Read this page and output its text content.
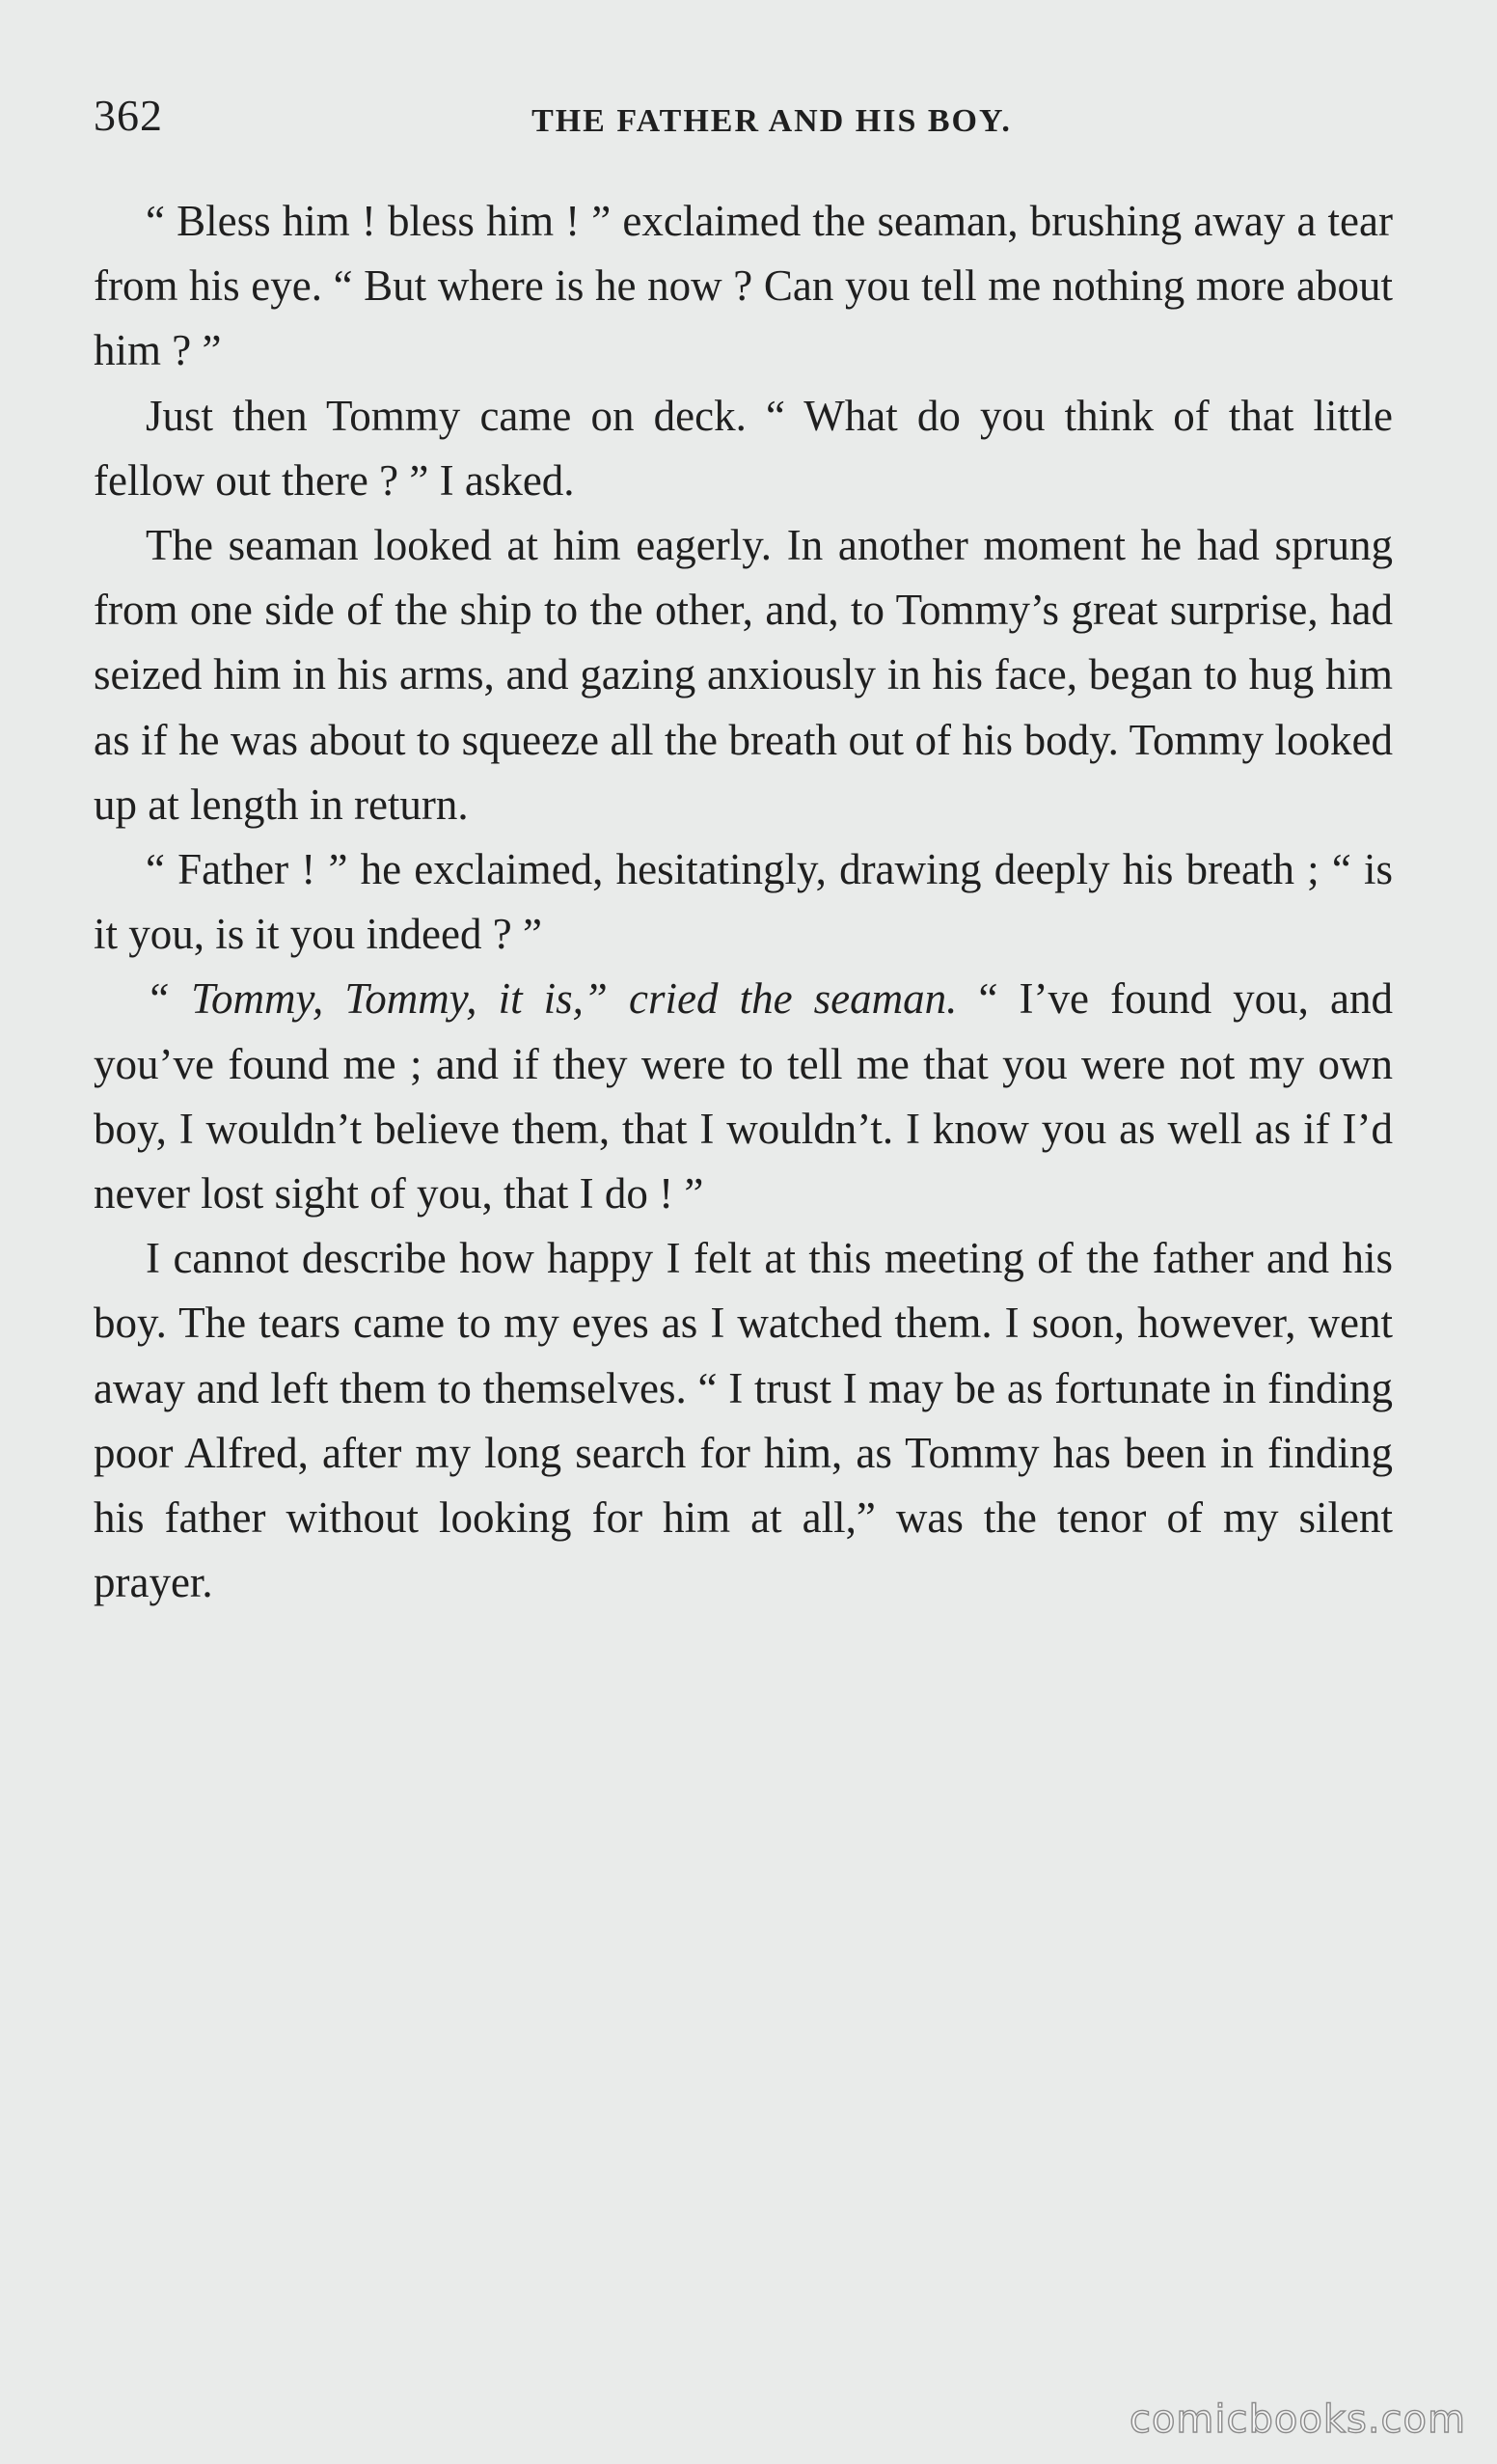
362	THE FATHER AND HIS BOY.

“ Bless him ! bless him ! ” exclaimed the seaman, brushing away a tear from his eye. “ But where is he now ? Can you tell me nothing more about him ? ”

Just then Tommy came on deck. “ What do you think of that little fellow out there ? ” I asked.

The seaman looked at him eagerly. In another moment he had sprung from one side of the ship to the other, and, to Tommy’s great surprise, had seized him in his arms, and gazing anxiously in his face, began to hug him as if he was about to squeeze all the breath out of his body. Tommy looked up at length in return.

“ Father ! ” he exclaimed, hesitatingly, drawing deeply his breath ; “ is it you, is it you indeed ? ”

“ Tommy, Tommy, it is,” cried the seaman. “ I’ve found you, and you’ve found me ; and if they were to tell me that you were not my own boy, I wouldn’t believe them, that I wouldn’t. I know you as well as if I’d never lost sight of you, that I do ! ”

I cannot describe how happy I felt at this meeting of the father and his boy. The tears came to my eyes as I watched them. I soon, however, went away and left them to themselves. “ I trust I may be as fortunate in finding poor Alfred, after my long search for him, as Tommy has been in finding his father without looking for him at all,” was the tenor of my silent prayer.

comicbooks.com
